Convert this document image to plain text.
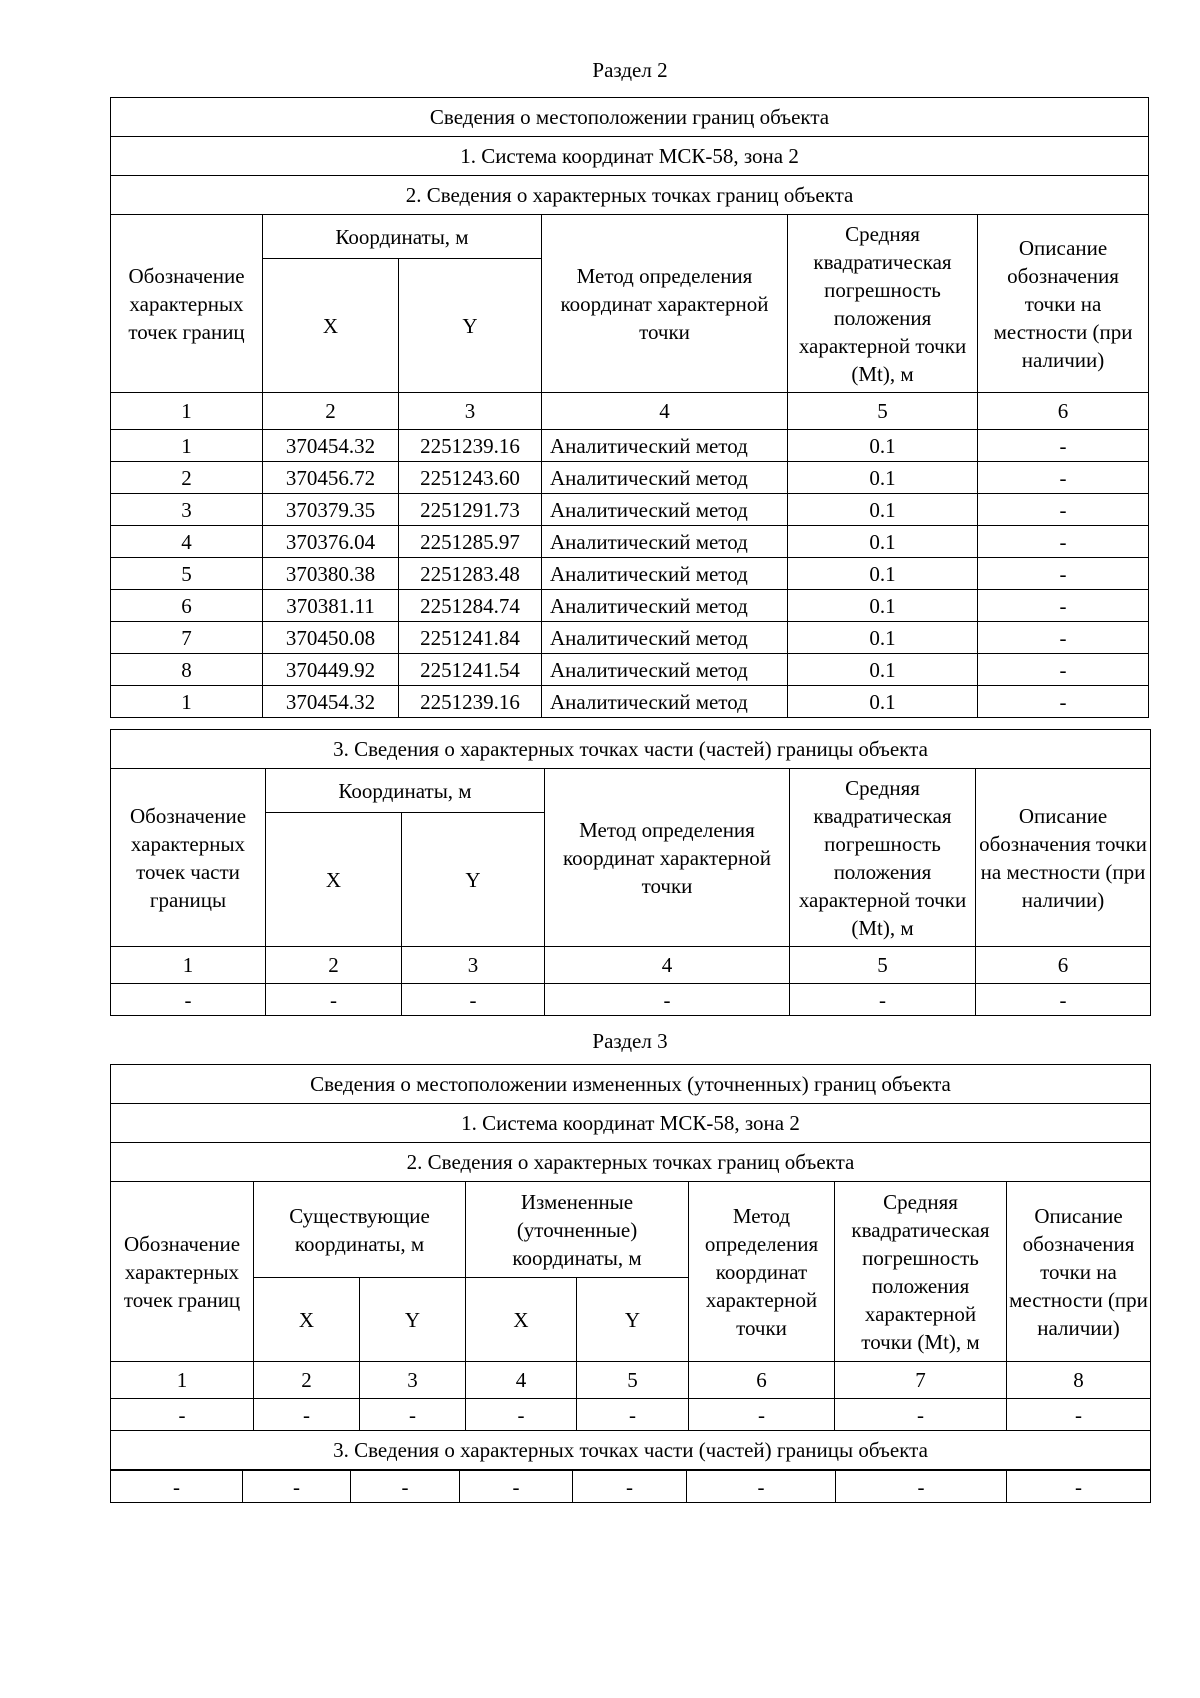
Раздел 2
Сведения о местоположении границ объекта					
1. Система координат МСК-58, зона 2					
2. Сведения о характерных точках границ объекта					
Обозначение характерных точек границ	Координаты, м		Метод определения координат характерной точки	Средняя квадратическая погрешность положения характерной точки (Mt), м	Описание обозначения точки на местности (при наличии)
	X	Y			
1	2	3	4	5	6
1	370454.32	2251239.16	Аналитический метод	0.1	-
2	370456.72	2251243.60	Аналитический метод	0.1	-
3	370379.35	2251291.73	Аналитический метод	0.1	-
4	370376.04	2251285.97	Аналитический метод	0.1	-
5	370380.38	2251283.48	Аналитический метод	0.1	-
6	370381.11	2251284.74	Аналитический метод	0.1	-
7	370450.08	2251241.84	Аналитический метод	0.1	-
8	370449.92	2251241.54	Аналитический метод	0.1	-
1	370454.32	2251239.16	Аналитический метод	0.1	-
3. Сведения о характерных точках части (частей) границы объекта					
Обозначение характерных точек части границы	Координаты, м		Метод определения координат характерной точки	Средняя квадратическая погрешность положения характерной точки (Mt), м	Описание обозначения точки на местности (при наличии)
	X	Y			
1	2	3	4	5	6
-	-	-	-	-	-
Раздел 3
Сведения о местоположении измененных (уточненных) границ объекта							
1. Система координат МСК-58, зона 2							
2. Сведения о характерных точках границ объекта							
Обозначение характерных точек границ	Существующие координаты, м		Измененные (уточненные) координаты, м		Метод определения координат характерной точки	Средняя квадратическая погрешность положения характерной точки (Mt), м	Описание обозначения точки на местности (при наличии)
	X	Y	X	Y			
1	2	3	4	5	6	7	8
-	-	-	-	-	-	-	-
3. Сведения о характерных точках части (частей) границы объекта							
-	-	-	-	-	-	-	-
